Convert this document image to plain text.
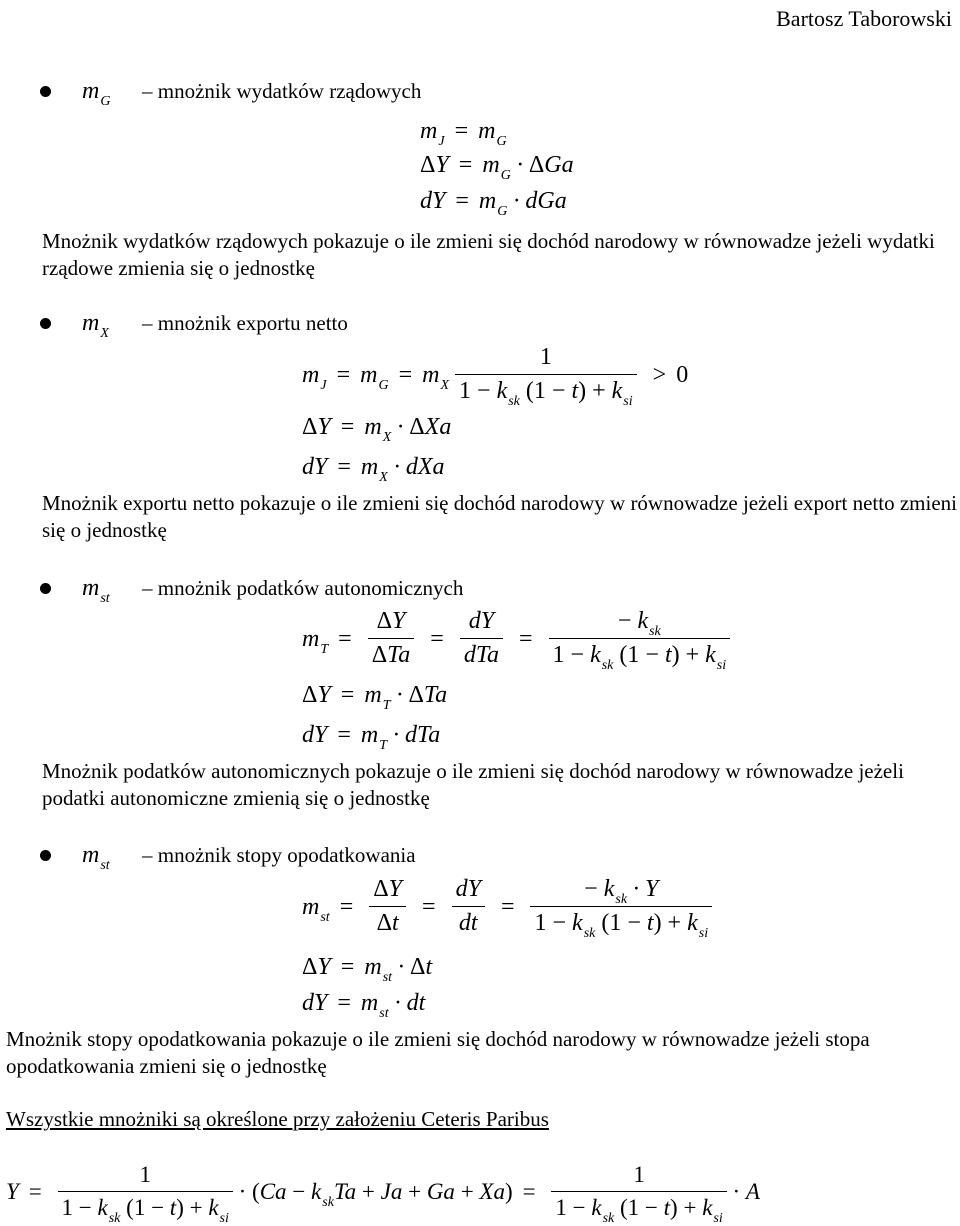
Bartosz Taborowski
$m_G$ – mnożnik wydatków rządowych
$m_J = m_G$
$\Delta Y = m_G \cdot \Delta Ga$
dY = $m_G$ · dGa
Mnożnik wydatków rządowych pokazuje o ile zmieni się dochód narodowy w równowadze jeżeli wydatki rządowe zmienia się o jednostkę
$m_X$ – mnożnik exportu netto
$m_J = m_G = m_X \frac{1}{1 - k_{sk} (1 - t) + k_{si}} > 0$
$\Delta Y = m_X \cdot \Delta Xa$
dY = $m_X$ · dXa
Mnożnik exportu netto pokazuje o ile zmieni się dochód narodowy w równowadze jeżeli export netto zmieni się o jednostkę
$m_{st}$ – mnożnik podatków autonomicznych
$m_T = \frac{\Delta Y}{\text{ΔTa}} = \frac{dY}{\text{dTa}} = \frac{- k_{sk}}{1 - k_{sk} (1 - t) + k_{si}}$
$\Delta Y = m_T \cdot \Delta Ta$
dY = $m_T$ · dTa
Mnożnik podatków autonomicznych pokazuje o ile zmieni się dochód narodowy w równowadze jeżeli podatki autonomiczne zmienią się o jednostkę
$m_{st}$ – mnożnik stopy opodatkowania
$m_{st} = \frac{\Delta Y}{\Delta t} = \frac{dY}{dt} = \frac{- k_{sk} \cdot Y}{1 - k_{sk} (1 - t) + k_{si}}$
$\Delta Y = m_{st} \cdot \Delta t$
dY = $m_{st}$ · dt
Mnożnik stopy opodatkowania pokazuje o ile zmieni się dochód narodowy w równowadze jeżeli stopa opodatkowania zmieni się o jednostkę
Wszystkie mnożniki są określone przy założeniu Ceteris Paribus
$Y = \frac{1}{1 - k_{sk} (1 - t) + k_{si}} \cdot (Ca - k_{sk}Ta + Ja + Ga + Xa) = \frac{1}{1 - k_{sk} (1 - t) + k_{si}} \cdot A$
